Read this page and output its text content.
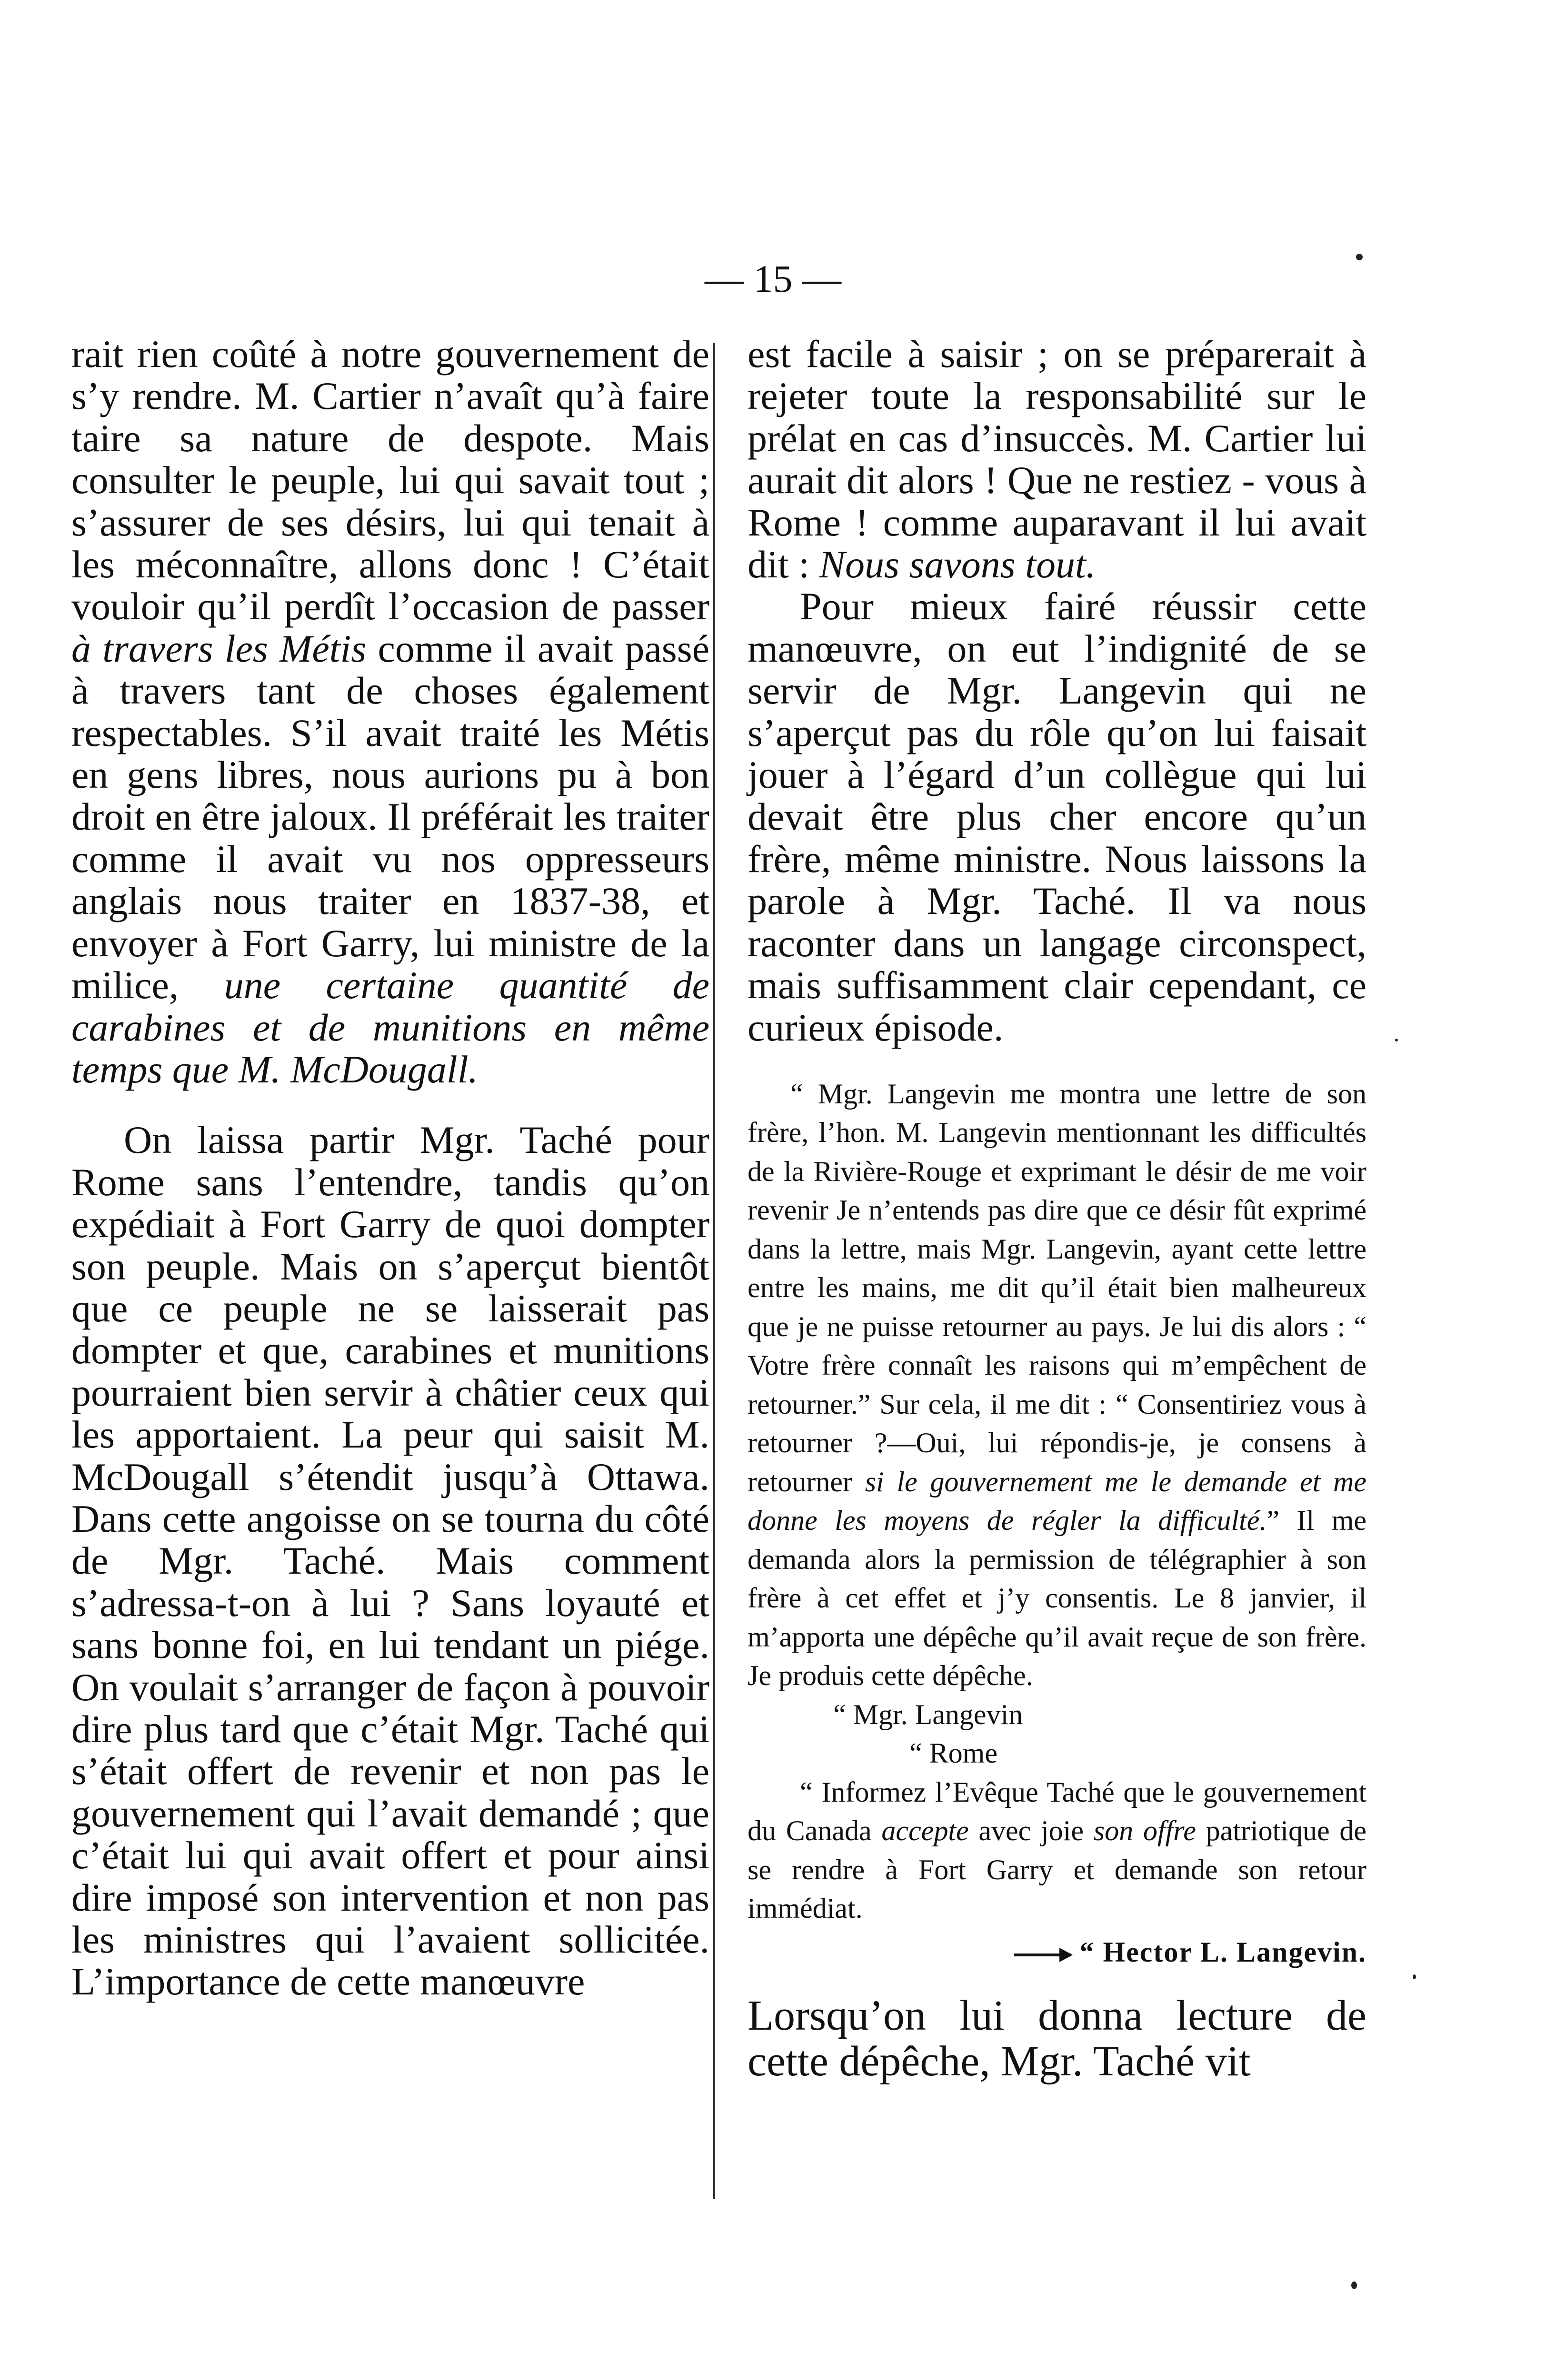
— 15 —

rait rien coûté à notre gouvernement de s’y rendre. M. Cartier n’avaît qu’à faire taire sa nature de despote. Mais consulter le peuple, lui qui savait tout ; s’assurer de ses désirs, lui qui tenait à les méconnaître, allons donc ! C’était vouloir qu’il perdît l’occasion de passer à travers les Métis comme il avait passé à travers tant de choses également respectables. S’il avait traité les Métis en gens libres, nous aurions pu à bon droit en être jaloux. Il préférait les traiter comme il avait vu nos oppresseurs anglais nous traiter en 1837-38, et envoyer à Fort Garry, lui ministre de la milice, une certaine quantité de carabines et de munitions en même temps que M. McDougall.

On laissa partir Mgr. Taché pour Rome sans l’entendre, tandis qu’on expédiait à Fort Garry de quoi dompter son peuple. Mais on s’aperçut bientôt que ce peuple ne se laisserait pas dompter et que, carabines et munitions pourraient bien servir à châtier ceux qui les apportaient. La peur qui saisit M. McDougall s’étendit jusqu’à Ottawa. Dans cette angoisse on se tourna du côté de Mgr. Taché. Mais comment s’adressa-t-on à lui ? Sans loyauté et sans bonne foi, en lui tendant un piége. On voulait s’arranger de façon à pouvoir dire plus tard que c’était Mgr. Taché qui s’était offert de revenir et non pas le gouvernement qui l’avait demandé ; que c’était lui qui avait offert et pour ainsi dire imposé son intervention et non pas les ministres qui l’avaient sollicitée. L’importance de cette manœuvre

est facile à saisir ; on se préparerait à rejeter toute la responsabilité sur le prélat en cas d’insuccès. M. Cartier lui aurait dit alors ! Que ne restiez - vous à Rome ! comme auparavant il lui avait dit : Nous savons tout.

Pour mieux fairé réussir cette manœuvre, on eut l’indignité de se servir de Mgr. Langevin qui ne s’aperçut pas du rôle qu’on lui faisait jouer à l’égard d’un collègue qui lui devait être plus cher encore qu’un frère, même ministre. Nous laissons la parole à Mgr. Taché. Il va nous raconter dans un langage circonspect, mais suffisamment clair cependant, ce curieux épisode.

“ Mgr. Langevin me montra une lettre de son frère, l’hon. M. Langevin mentionnant les difficultés de la Rivière-Rouge et exprimant le désir de me voir revenir Je n’entends pas dire que ce désir fût exprimé dans la lettre, mais Mgr. Langevin, ayant cette lettre entre les mains, me dit qu’il était bien malheureux que je ne puisse retourner au pays. Je lui dis alors : “ Votre frère connaît les raisons qui m’empêchent de retourner.” Sur cela, il me dit : “ Consentiriez vous à retourner ?—Oui, lui répondis-je, je consens à retourner si le gouvernement me le demande et me donne les moyens de régler la difficulté.” Il me demanda alors la permission de télégraphier à son frère à cet effet et j’y consentis. Le 8 janvier, il m’apporta une dépêche qu’il avait reçue de son frère. Je produis cette dépêche.

“ Mgr. Langevin
“ Rome

“ Informez l’Evêque Taché que le gouvernement du Canada accepte avec joie son offre patriotique de se rendre à Fort Garry et demande son retour immédiat.

“ Hector L. Langevin.

Lorsqu’on lui donna lecture de cette dépêche, Mgr. Taché vit
